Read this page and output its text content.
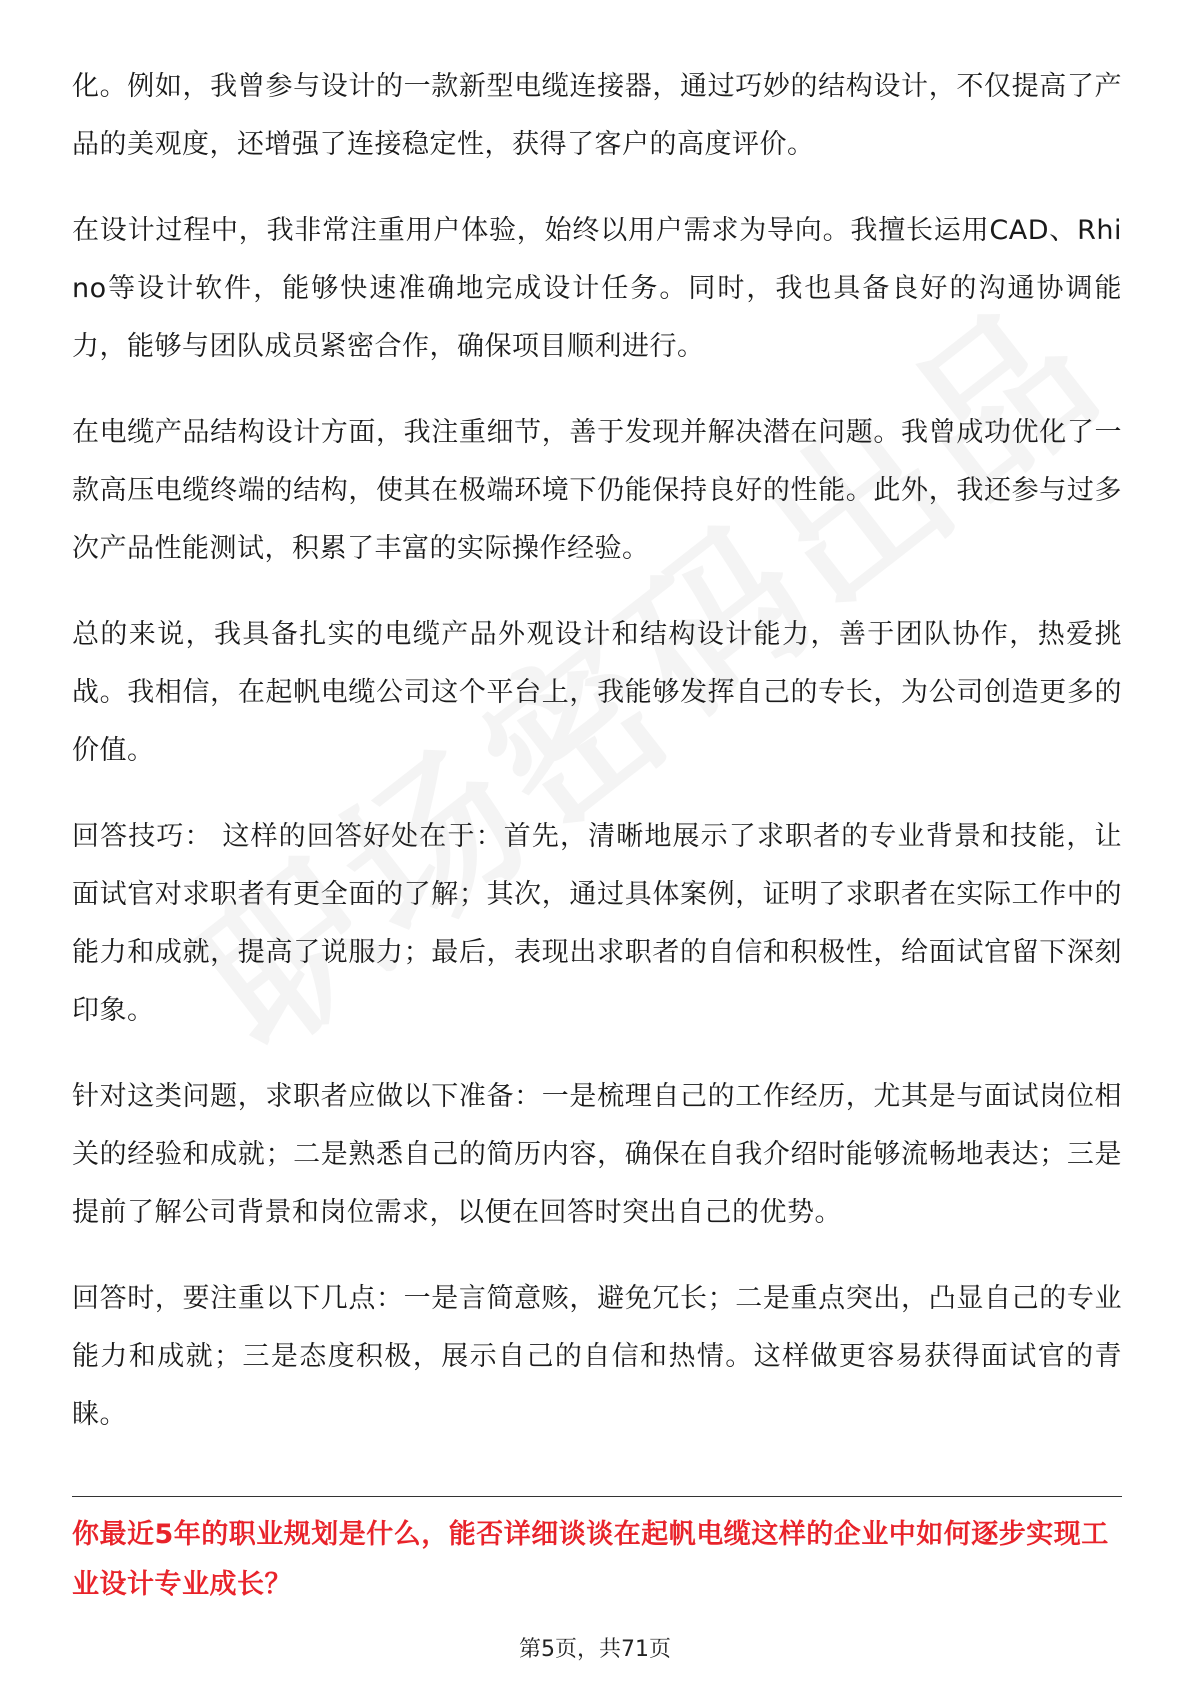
化。例如，我曾参与设计的一款新型电缆连接器，通过巧妙的结构设计，不仅提高了产品的美观度，还增强了连接稳定性，获得了客户的高度评价。

在设计过程中，我非常注重用户体验，始终以用户需求为导向。我擅长运用CAD、Rhino等设计软件，能够快速准确地完成设计任务。同时，我也具备良好的沟通协调能力，能够与团队成员紧密合作，确保项目顺利进行。

在电缆产品结构设计方面，我注重细节，善于发现并解决潜在问题。我曾成功优化了一款高压电缆终端的结构，使其在极端环境下仍能保持良好的性能。此外，我还参与过多次产品性能测试，积累了丰富的实际操作经验。

总的来说，我具备扎实的电缆产品外观设计和结构设计能力，善于团队协作，热爱挑战。我相信，在起帆电缆公司这个平台上，我能够发挥自己的专长，为公司创造更多的价值。

回答技巧： 这样的回答好处在于：首先，清晰地展示了求职者的专业背景和技能，让面试官对求职者有更全面的了解；其次，通过具体案例，证明了求职者在实际工作中的能力和成就，提高了说服力；最后，表现出求职者的自信和积极性，给面试官留下深刻印象。

针对这类问题，求职者应做以下准备：一是梳理自己的工作经历，尤其是与面试岗位相关的经验和成就；二是熟悉自己的简历内容，确保在自我介绍时能够流畅地表达；三是提前了解公司背景和岗位需求，以便在回答时突出自己的优势。

回答时，要注重以下几点：一是言简意赅，避免冗长；二是重点突出，凸显自己的专业能力和成就；三是态度积极，展示自己的自信和热情。这样做更容易获得面试官的青睐。

你最近5年的职业规划是什么，能否详细谈谈在起帆电缆这样的企业中如何逐步实现工业设计专业成长？
第5页，共71页
